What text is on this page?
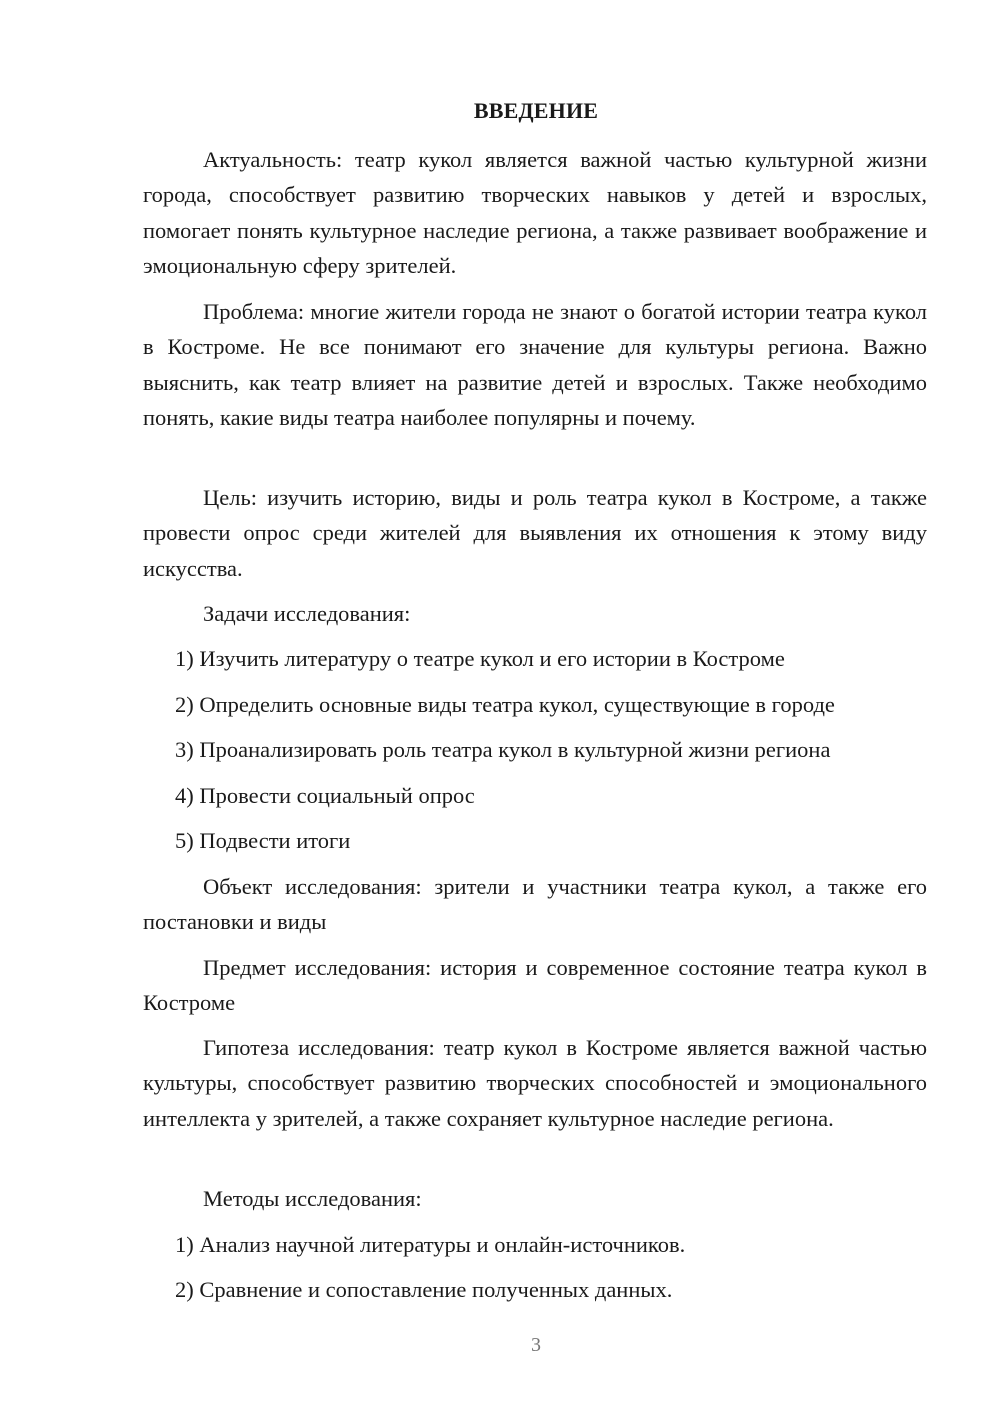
ВВЕДЕНИЕ

Актуальность: театр кукол является важной частью культурной жизни города, способствует развитию творческих навыков у детей и взрослых, помогает понять культурное наследие региона, а также развивает воображение и эмоциональную сферу зрителей.

Проблема: многие жители города не знают о богатой истории театра кукол в Костроме. Не все понимают его значение для культуры региона. Важно выяснить, как театр влияет на развитие детей и взрослых. Также необходимо понять, какие виды театра наиболее популярны и почему.

Цель: изучить историю, виды и роль театра кукол в Костроме, а также провести опрос среди жителей для выявления их отношения к этому виду искусства.

Задачи исследования:

1) Изучить литературу о театре кукол и его истории в Костроме

2) Определить основные виды театра кукол, существующие в городе

3) Проанализировать роль театра кукол в культурной жизни региона

4) Провести социальный опрос

5) Подвести итоги

Объект исследования: зрители и участники театра кукол, а также его постановки и виды

Предмет исследования: история и современное состояние театра кукол в Костроме

Гипотеза исследования: театр кукол в Костроме является важной частью культуры, способствует развитию творческих способностей и эмоционального интеллекта у зрителей, а также сохраняет культурное наследие региона.

Методы исследования:

1) Анализ научной литературы и онлайн-источников.

2) Сравнение и сопоставление полученных данных.

3
